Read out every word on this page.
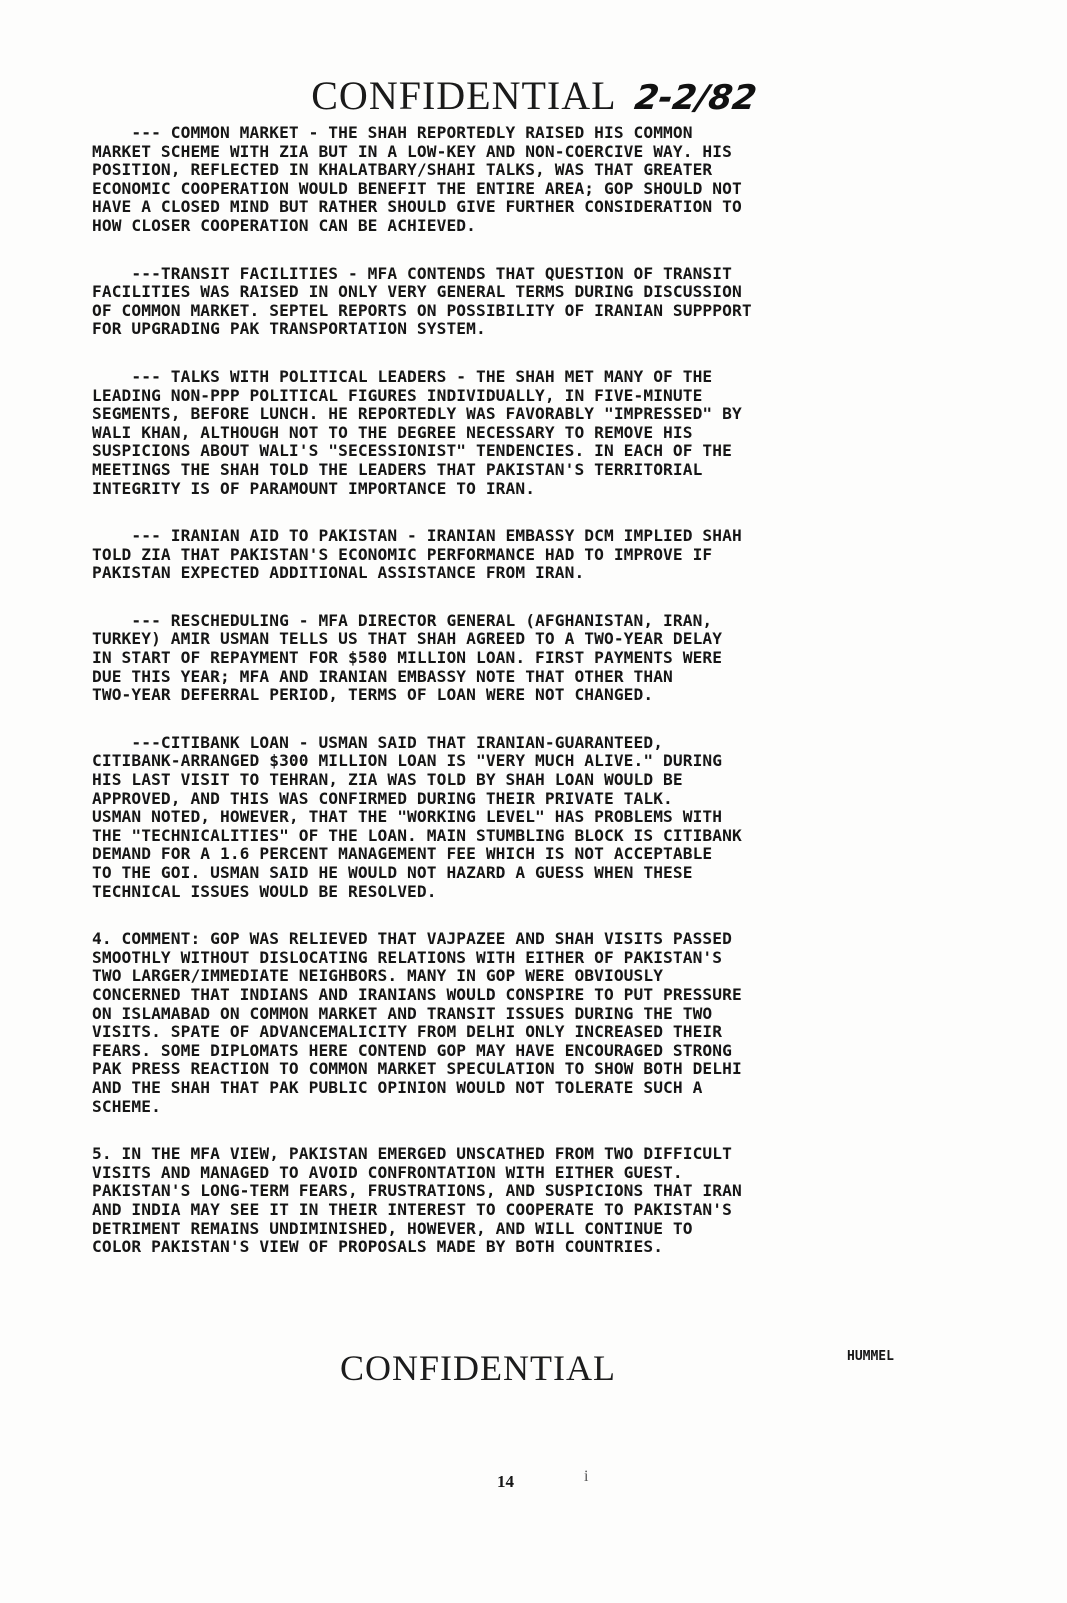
CONFIDENTIAL 2-2/82
--- COMMON MARKET - THE SHAH REPORTEDLY RAISED HIS COMMON
MARKET SCHEME WITH ZIA BUT IN A LOW-KEY AND NON-COERCIVE WAY. HIS
POSITION, REFLECTED IN KHALATBARY/SHAHI TALKS, WAS THAT GREATER
ECONOMIC COOPERATION WOULD BENEFIT THE ENTIRE AREA; GOP SHOULD NOT
HAVE A CLOSED MIND BUT RATHER SHOULD GIVE FURTHER CONSIDERATION TO
HOW CLOSER COOPERATION CAN BE ACHIEVED.
---TRANSIT FACILITIES - MFA CONTENDS THAT QUESTION OF TRANSIT
FACILITIES WAS RAISED IN ONLY VERY GENERAL TERMS DURING DISCUSSION
OF COMMON MARKET. SEPTEL REPORTS ON POSSIBILITY OF IRANIAN SUPPPORT
FOR UPGRADING PAK TRANSPORTATION SYSTEM.
--- TALKS WITH POLITICAL LEADERS - THE SHAH MET MANY OF THE
LEADING NON-PPP POLITICAL FIGURES INDIVIDUALLY, IN FIVE-MINUTE
SEGMENTS, BEFORE LUNCH. HE REPORTEDLY WAS FAVORABLY "IMPRESSED" BY
WALI KHAN, ALTHOUGH NOT TO THE DEGREE NECESSARY TO REMOVE HIS
SUSPICIONS ABOUT WALI'S "SECESSIONIST" TENDENCIES. IN EACH OF THE
MEETINGS THE SHAH TOLD THE LEADERS THAT PAKISTAN'S TERRITORIAL
INTEGRITY IS OF PARAMOUNT IMPORTANCE TO IRAN.
--- IRANIAN AID TO PAKISTAN - IRANIAN EMBASSY DCM IMPLIED SHAH
TOLD ZIA THAT PAKISTAN'S ECONOMIC PERFORMANCE HAD TO IMPROVE IF
PAKISTAN EXPECTED ADDITIONAL ASSISTANCE FROM IRAN.
--- RESCHEDULING - MFA DIRECTOR GENERAL (AFGHANISTAN, IRAN,
TURKEY) AMIR USMAN TELLS US THAT SHAH AGREED TO A TWO-YEAR DELAY
IN START OF REPAYMENT FOR $580 MILLION LOAN. FIRST PAYMENTS WERE
DUE THIS YEAR; MFA AND IRANIAN EMBASSY NOTE THAT OTHER THAN
TWO-YEAR DEFERRAL PERIOD, TERMS OF LOAN WERE NOT CHANGED.
---CITIBANK LOAN - USMAN SAID THAT IRANIAN-GUARANTEED,
CITIBANK-ARRANGED $300 MILLION LOAN IS "VERY MUCH ALIVE." DURING
HIS LAST VISIT TO TEHRAN, ZIA WAS TOLD BY SHAH LOAN WOULD BE
APPROVED, AND THIS WAS CONFIRMED DURING THEIR PRIVATE TALK.
USMAN NOTED, HOWEVER, THAT THE "WORKING LEVEL" HAS PROBLEMS WITH
THE "TECHNICALITIES" OF THE LOAN. MAIN STUMBLING BLOCK IS CITIBANK
DEMAND FOR A 1.6 PERCENT MANAGEMENT FEE WHICH IS NOT ACCEPTABLE
TO THE GOI. USMAN SAID HE WOULD NOT HAZARD A GUESS WHEN THESE
TECHNICAL ISSUES WOULD BE RESOLVED.
4. COMMENT: GOP WAS RELIEVED THAT VAJPAZEE AND SHAH VISITS PASSED
SMOOTHLY WITHOUT DISLOCATING RELATIONS WITH EITHER OF PAKISTAN'S
TWO LARGER/IMMEDIATE NEIGHBORS. MANY IN GOP WERE OBVIOUSLY
CONCERNED THAT INDIANS AND IRANIANS WOULD CONSPIRE TO PUT PRESSURE
ON ISLAMABAD ON COMMON MARKET AND TRANSIT ISSUES DURING THE TWO
VISITS. SPATE OF ADVANCEMALICITY FROM DELHI ONLY INCREASED THEIR
FEARS. SOME DIPLOMATS HERE CONTEND GOP MAY HAVE ENCOURAGED STRONG
PAK PRESS REACTION TO COMMON MARKET SPECULATION TO SHOW BOTH DELHI
AND THE SHAH THAT PAK PUBLIC OPINION WOULD NOT TOLERATE SUCH A
SCHEME.
5. IN THE MFA VIEW, PAKISTAN EMERGED UNSCATHED FROM TWO DIFFICULT
VISITS AND MANAGED TO AVOID CONFRONTATION WITH EITHER GUEST.
PAKISTAN'S LONG-TERM FEARS, FRUSTRATIONS, AND SUSPICIONS THAT IRAN
AND INDIA MAY SEE IT IN THEIR INTEREST TO COOPERATE TO PAKISTAN'S
DETRIMENT REMAINS UNDIMINISHED, HOWEVER, AND WILL CONTINUE TO
COLOR PAKISTAN'S VIEW OF PROPOSALS MADE BY BOTH COUNTRIES.
CONFIDENTIAL	HUMMEL
14	i
